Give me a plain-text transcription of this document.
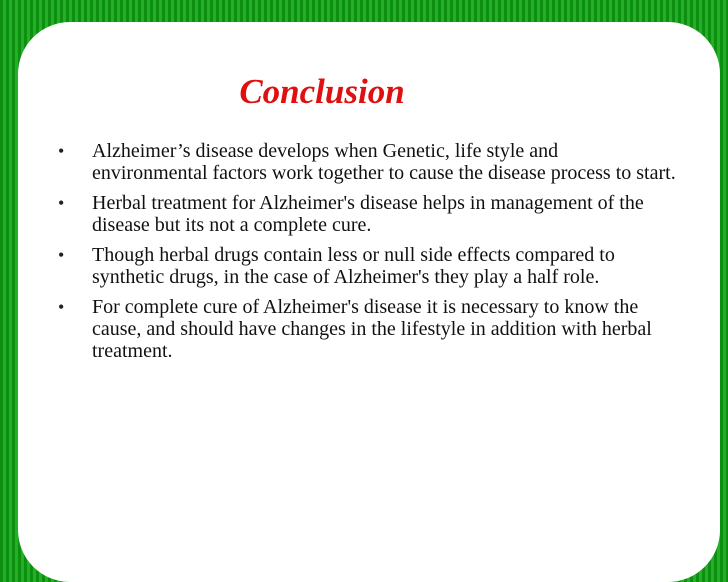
Conclusion
• Alzheimer’s disease develops when Genetic, life style and environmental factors work together to cause the disease process to start.
• Herbal treatment for Alzheimer's disease helps in management of the disease but its not a complete cure.
• Though herbal drugs contain less or null side effects compared to synthetic drugs, in the case of Alzheimer's they play a half role.
• For complete cure of Alzheimer's disease it is necessary to know the cause, and should have changes in the lifestyle in addition with herbal treatment.
